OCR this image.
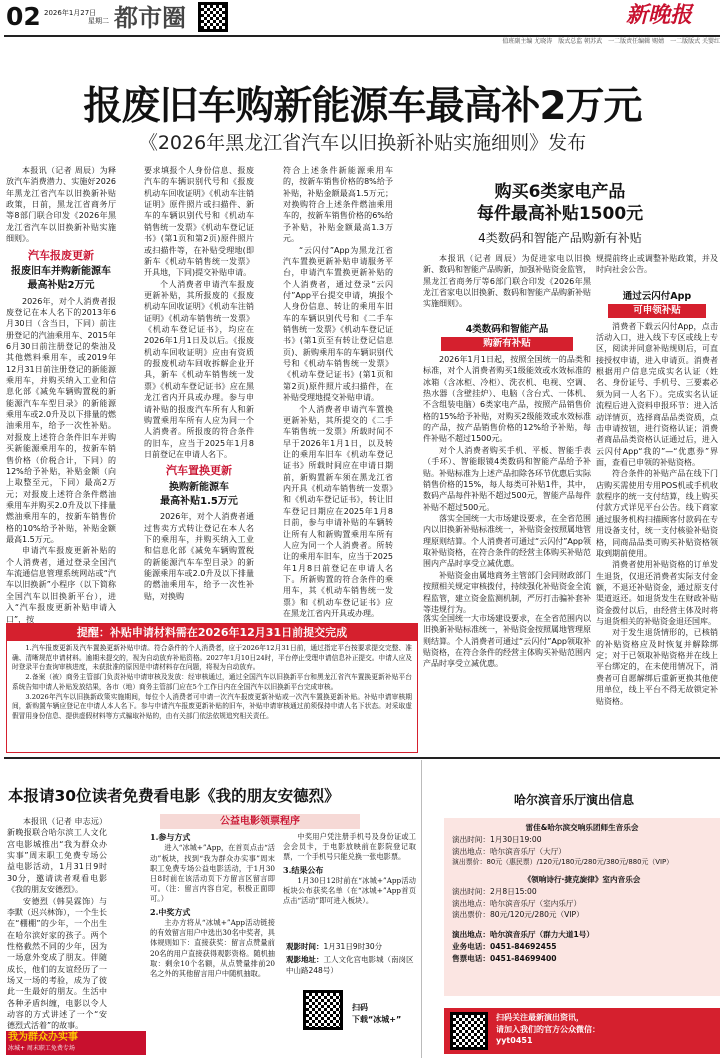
02 2026年1月27日
星期二 都市圈	新晚报
值班副主编 尤晓涛　版式总监 朝苏武　一二版责任编辑 赐婧　一二版版式 关婴红
报废旧车购新能源车最高补2万元
《2026年黑龙江省汽车以旧换新补贴实施细则》发布

本报讯（记者 周辰）为释放汽车消费潜力、实施好2026年黑龙江省汽车以旧换新补贴政策，日前，黑龙江省商务厅等8部门联合印发《2026年黑龙江省汽车以旧换新补贴实施细则》。

汽车报废更新
报废旧车并购新能源车
最高补贴2万元

2026年，对个人消费者报废登记在本人名下的2013年6月30日（含当日，下同）前注册登记的汽油乘用车、2015年6月30日前注册登记的柴油及其他燃料乘用车，或2019年12月31日前注册登记的新能源乘用车，并购买纳入工业和信息化部《减免车辆购置税的新能源汽车车型目录》的新能源乘用车或2.0升及以下排量的燃油乘用车，给予一次性补贴。对报废上述符合条件旧车并购买新能源乘用车的，按新车销售价格（价税合计，下同）的12%给予补贴，补贴金额（向上取整至元，下同）最高2万元；对报废上述符合条件燃油乘用车并购买2.0升及以下排量燃油乘用车的，按新车销售价格的10%给予补贴，补贴金额最高1.5万元。

申请汽车报废更新补贴的个人消费者，通过登录全国汽车流通信息管理系统网站或“汽车以旧换新”小程序（以下简称全国汽车以旧换新平台），进入“汽车报废更新补贴申请入口”，按

要求填报个人身份信息、报废汽车的车辆识别代号和《报废机动车回收证明》《机动车注销证明》原件照片或扫描件、新车的车辆识别代号和《机动车销售统一发票》《机动车登记证书》(第1页和第2页)原件照片或扫描件等，在补贴受理地(即新车《机动车销售统一发票》开具地，下同)提交补贴申请。

个人消费者申请汽车报废更新补贴，其所报废的《报废机动车回收证明》《机动车注销证明》《机动车销售统一发票》《机动车登记证书》，均应在2026年1月1日及以后。《报废机动车回收证明》应由有资质的报废机动车回收拆解企业开具，新车《机动车销售统一发票》《机动车登记证书》应在黑龙江省内开具或办理。参与申请补贴的报废汽车所有人和新购置乘用车所有人应为同一个人消费者。所报废的符合条件的旧车，应当于2025年1月8日前登记在申请人名下。

汽车置换更新
换购新能源车
最高补贴1.5万元

2026年，对个人消费者通过售卖方式转让登记在本人名下的乘用车，并购买纳入工业和信息化部《减免车辆购置税的新能源汽车车型目录》的新能源乘用车或2.0升及以下排量的燃油乘用车，给予一次性补贴，对换购

符合上述条件新能源乘用车的，按新车销售价格的8%给予补贴，补贴金额最高1.5万元；对换购符合上述条件燃油乘用车的，按新车销售价格的6%给予补贴，补贴金额最高1.3万元。

“云闪付”App为黑龙江省汽车置换更新补贴申请服务平台，申请汽车置换更新补贴的个人消费者，通过登录“云闪付”App平台提交申请，填报个人身份信息、转让的乘用车旧车的车辆识别代号和《二手车销售统一发票》《机动车登记证书》(第1页至有转让登记信息页)、新购乘用车的车辆识别代号和《机动车销售统一发票》《机动车登记证书》(第1页和第2页)原件照片或扫描件，在补贴受理地提交补贴申请。

个人消费者申请汽车置换更新补贴，其所提交的《二手车销售统一发票》所载时间不早于2026年1月1日，以及转让的乘用车旧车《机动车登记证书》所载时间应在申请日期前，新购置新车须在黑龙江省内开具《机动车销售统一发票》和《机动车登记证书》，转让旧车登记日期应在2025年1月8日前，参与申请补贴的车辆转让所有人和新购置乘用车所有人应为同一个人消费者。所转让的乘用车旧车，应当于2025年1月8日前登记在申请人名下。所新购置的符合条件的乘用车，其《机动车销售统一发票》和《机动车登记证书》应在黑龙江省内开具或办理。

购买6类家电产品
每件最高补贴1500元
4类数码和智能产品购新有补贴

本报讯（记者 周辰）为促进家电以旧换新、数码和智能产品购新，加强补贴资金监管，黑龙江省商务厅等6部门联合印发《2026年黑龙江省家电以旧换新、数码和智能产品购新补贴实施细则》。

4类数码和智能产品
购新有补贴

2026年1月1日起，按照全国统一的品类和标准，对个人消费者购买1级能效或水效标准的冰箱（含冰柜、冷柜）、洗衣机、电视、空调、热水器（含壁挂炉）、电脑（含台式、一体机、不含组装电脑）6类家电产品，按照产品销售价格的15%给予补贴，对购买2级能效或水效标准的产品，按产品销售价格的12%给予补贴，每件补贴不超过1500元。

对个人消费者购买手机、平板、智能手表（手环）、智能眼镜4类数码和智能产品给予补贴。补贴标准为上述产品扣除各环节优惠后实际销售价格的15%，每人每类可补贴1件，其中，数码产品每件补贴不超过500元，智能产品每件补贴不超过500元。

落实全国统一大市场建设要求，在全省范围内以旧换新补贴标准统一，补贴资金按照属地管理原则结算。个人消费者可通过“云闪付”App领取补贴资格，在符合条件的经营主体购买补贴范围内产品时享受立减优惠。

补贴资金由属地商务主管部门会同财政部门按照相关规定审核拨付，持续强化补贴资金全流程监管，建立资金监测机制，严厉打击骗补套补等违规行为。

落实全国统一大市场建设要求，在全省范围内以旧换新补贴标准统一，补贴资金按照属地管理原则结算。个人消费者可通过“云闪付”App领取补贴资格，在符合条件的经营主体购买补贴范围内产品时享受立减优惠。

规提前终止或调整补贴政策，并及时向社会公告。

通过云闪付App
可申领补贴

消费者下载云闪付App，点击活动入口，进入线下专区或线上专区，阅读并同意补贴规则后，可直接授权申请，进入申请页。消费者根据用户信息完成实名认证（姓名、身份证号、手机号、三要素必须为同一人名下）。完成实名认证流程后进入资料申报环节：进入活动详情页，选择商品品类资质，点击申请按钮，进行资格认证；消费者商品品类资格认证通过后，进入云闪付App“我的”—“优惠券”界面，查看已申领的补贴资格。

符合条件的补贴产品在线下门店购买需使用专用POS机或手机收款程序的统一支付结算，线上购买付款方式详见平台公告。线下商家通过服务机构扫描顾客付款码在专用设备支付，统一支付核验补贴资格，同商品品类可购买补贴资格领取到期前使用。

消费者使用补贴资格的订单发生退货，仅退还消费者实际支付金额，不退还补贴资金，通过原支付渠道返还。如退货发生在财政补贴资金拨付以后，由经营主体及时将与退货相关的补贴资金退还国库。

对于发生退货情形的，已核销的补贴资格应及时恢复并解除绑定；对于已领取补贴资格并在线上平台绑定的，在未使用情况下，消费者可自愿解绑后重新更换其他使用单位，线上平台不得无故锁定补贴资格。

提醒：补贴申请材料需在2026年12月31日前提交完成

1.汽车报废更新及汽车置换更新补贴申请。符合条件的个人消费者，应于2026年12月31日前，通过指定平台按要求提交完整、准确、清晰规范申请材料。逾期未提交的，视为自动放弃补贴资格。2027年1月10日24时，平台停止受理申请信息补正提交。申请人应及时登录平台查询审核进度，未获批准的原因是申请材料存在问题，将视为自动放弃。

2.备案（被）商务主管部门负责补贴申请审核及发放：经审核通过，通过全国汽车以旧换新平台和黑龙江省汽车置换更新补贴平台系统告知申请人补贴发放结果，各市（地）商务主管部门应在5个工作日内在全国汽车以旧换新平台完成审核。

3.2026年汽车以旧换新政策实施期间，每位个人消费者可申请一次汽车报废更新补贴或一次汽车置换更新补贴。补贴申请审核期间，新购置车辆应登记在申请人本人名下。参与申请汽车报废更新补贴的旧车，补贴申请审核通过前须保持申请人名下状态。对采取虚假冒用身份信息、提供虚假材料等方式骗取补贴的，由有关部门依法依规追究相关责任。

本报请30位读者免费看电影《我的朋友安德烈》

本报讯（记者 申志远）新晚报联合哈尔滨工人文化宫电影城推出“我为群众办实事”周末职工免费专场公益电影活动，1月31日9时30分，邀请读者观看电影《我的朋友安德烈》。

安德烈（韩昊霖饰）与李默（迟兴林饰），一个生长在“棚棚”的少年，一个出生在哈尔滨好家的孩子。两个性格截然不同的少年，因为一场意外变成了朋友。伴随成长，他们的友谊经历了一场又一场的考验，成为了彼此一生最好的朋友。生活中各种矛盾纠缠，电影以令人动容的方式讲述了一个“安德烈式活着”的故事。

公益电影领票程序
1.参与方式

进入“冰城+”App，在首页点击“活动”板块，找到“我为群众办实事”周末职工免费专场公益电影活动，于1月30日8时前在该活动页下方留言区留言即可。（注：留言内容自定，积极正面即可。）

2.中奖方式

主办方将从“冰城+”App活动链接的有效留言用户中选出30名中奖者，具体规则如下：直接获奖：留言点赞量前20名的用户直接获得观影资格。随机抽取：剩余10个名额，从点赞量排前20名之外的其他留言用户中随机抽取。

中奖用户凭注册手机号及身份证或工会会员卡，于电影放映前在影院登记取票，一个手机号只能兑换一张电影票。

3.结果公布

1月30日12时前在“冰城+”App活动板块公布获奖名单（在“冰城+”App首页点击“活动”即可进入板块）。

观影时间：1月31日9时30分
观影地址：工人文化宫电影城（南岗区中山路248号）
扫码
下载“冰城+”
我为群众办实事
冰城+ 周末职工免费专场
哈尔滨音乐厅演出信息
雷佳&哈尔滨交响乐团师生音乐会
演出时间：1月30日19:00
演出地点：哈尔滨音乐厅（大厅）
演出票价：80元（惠民票）/120元/180元/280元/380元/880元（VIP）
《领响诗行·捷克旋律》室内音乐会
演出时间：2月8日15:00
演出地点：哈尔滨音乐厅（室内乐厅）
演出票价：80元/120元/280元（VIP）
演出地点：哈尔滨音乐厅（群力大道1号）
业务电话：0451-84692455
售票电话：0451-84699400
扫码关注最新演出资讯，
请加入我们的官方公众微信：
yyt0451
